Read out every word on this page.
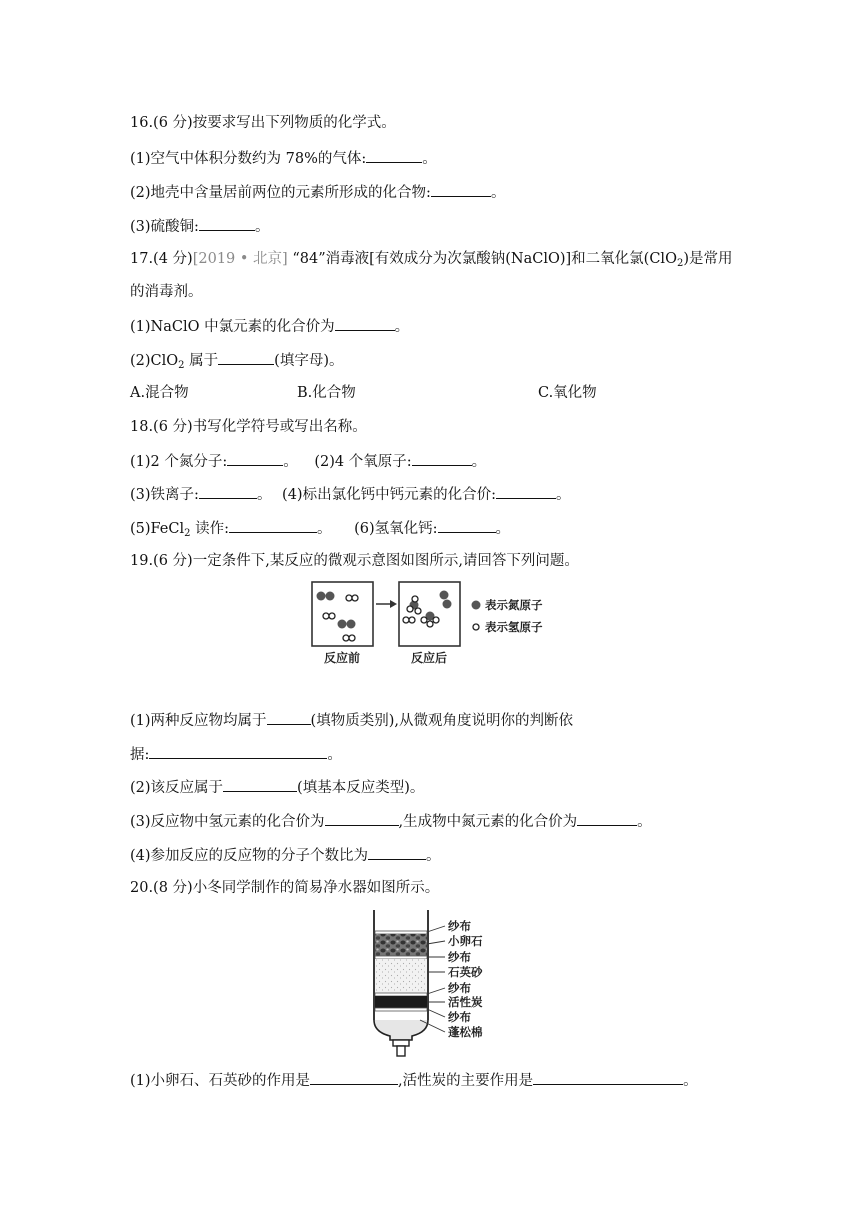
16.(6 分)按要求写出下列物质的化学式。
(1)空气中体积分数约为 78%的气体:	。
(2)地壳中含量居前两位的元素所形成的化合物:	。
(3)硫酸铜:	。
17.(4 分)[2019 • 北京] “84”消毒液[有效成分为次氯酸钠(NaClO)]和二氧化氯(ClO$_2$)是常用
的消毒剂。
(1)NaClO 中氯元素的化合价为	。
(2)ClO$_2$ 属于	(填字母)。
A.混合物	B.化合物	C.氧化物
18.(6 分)书写化学符号或写出名称。
(1)2 个氮分子:	。 (2)4 个氧原子:	。
(3)铁离子:	。 (4)标出氯化钙中钙元素的化合价:	。
(5)FeCl$_2$ 读作:	。 (6)氢氧化钙:	。
19.(6 分)一定条件下,某反应的微观示意图如图所示,请回答下列问题。
反应前	反应后
表示氮原子
表示氢原子
(1)两种反应物均属于	(填物质类别),从微观角度说明你的判断依
据:	。
(2)该反应属于	(填基本反应类型)。
(3)反应物中氢元素的化合价为	,生成物中氮元素的化合价为	。
(4)参加反应的反应物的分子个数比为	。
20.(8 分)小冬同学制作的简易净水器如图所示。
纱布
小卵石
纱布
石英砂
纱布
活性炭
纱布
蓬松棉
(1)小卵石、石英砂的作用是	,活性炭的主要作用是	。
